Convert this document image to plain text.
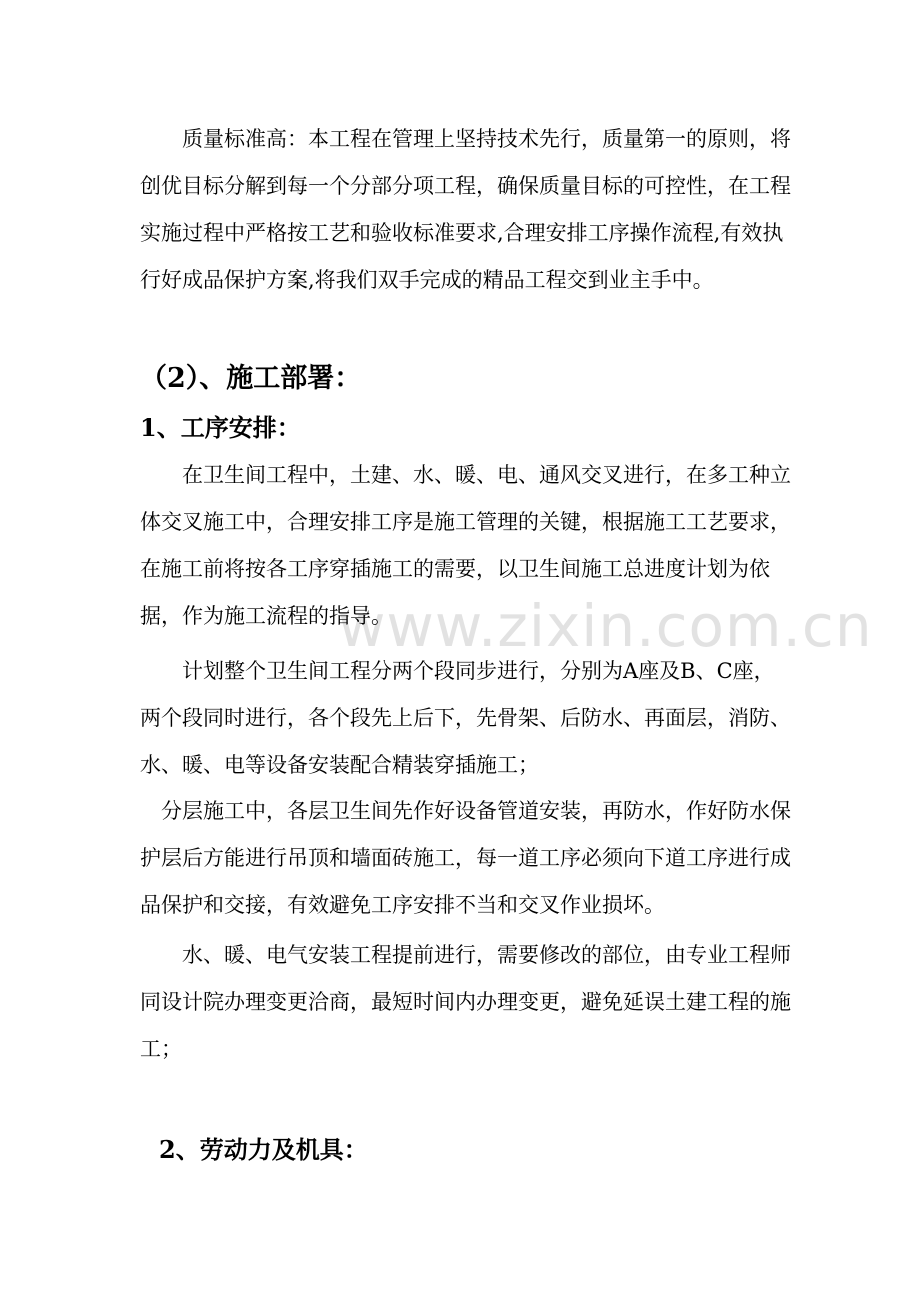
www.zixin.com.cn

质量标准高：本工程在管理上坚持技术先行，质量第一的原则，将创优目标分解到每一个分部分项工程，确保质量目标的可控性，在工程实施过程中严格按工艺和验收标准要求,合理安排工序操作流程,有效执行好成品保护方案,将我们双手完成的精品工程交到业主手中。

（2）、施工部署：
1、工序安排：

在卫生间工程中，土建、水、暖、电、通风交叉进行，在多工种立体交叉施工中，合理安排工序是施工管理的关键，根据施工工艺要求，在施工前将按各工序穿插施工的需要，以卫生间施工总进度计划为依据，作为施工流程的指导。

计划整个卫生间工程分两个段同步进行，分别为A座及B、C座，两个段同时进行，各个段先上后下，先骨架、后防水、再面层，消防、水、暖、电等设备安装配合精装穿插施工；

分层施工中，各层卫生间先作好设备管道安装，再防水，作好防水保护层后方能进行吊顶和墙面砖施工，每一道工序必须向下道工序进行成品保护和交接，有效避免工序安排不当和交叉作业损坏。

水、暖、电气安装工程提前进行，需要修改的部位，由专业工程师同设计院办理变更洽商，最短时间内办理变更，避免延误土建工程的施工；

2、劳动力及机具：
